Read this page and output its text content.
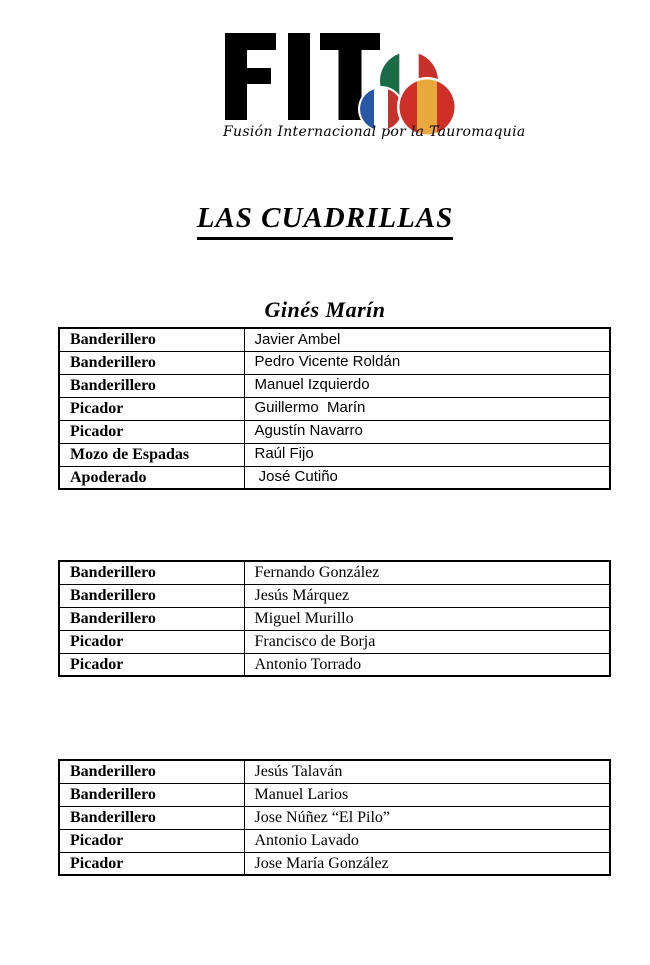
Fusión Internacional por la Tauromaquia
LAS CUADRILLAS
Ginés Marín
Banderillero	Javier Ambel
Banderillero	Pedro Vicente Roldán
Banderillero	Manuel Izquierdo
Picador	Guillermo  Marín
Picador	Agustín Navarro
Mozo de Espadas	Raúl Fijo
Apoderado	José Cutiño
Banderillero	Fernando González
Banderillero	Jesús Márquez
Banderillero	Miguel Murillo
Picador	Francisco de Borja
Picador	Antonio Torrado
Banderillero	Jesús Talaván
Banderillero	Manuel Larios
Banderillero	Jose Núñez “El Pilo”
Picador	Antonio Lavado
Picador	Jose María González
